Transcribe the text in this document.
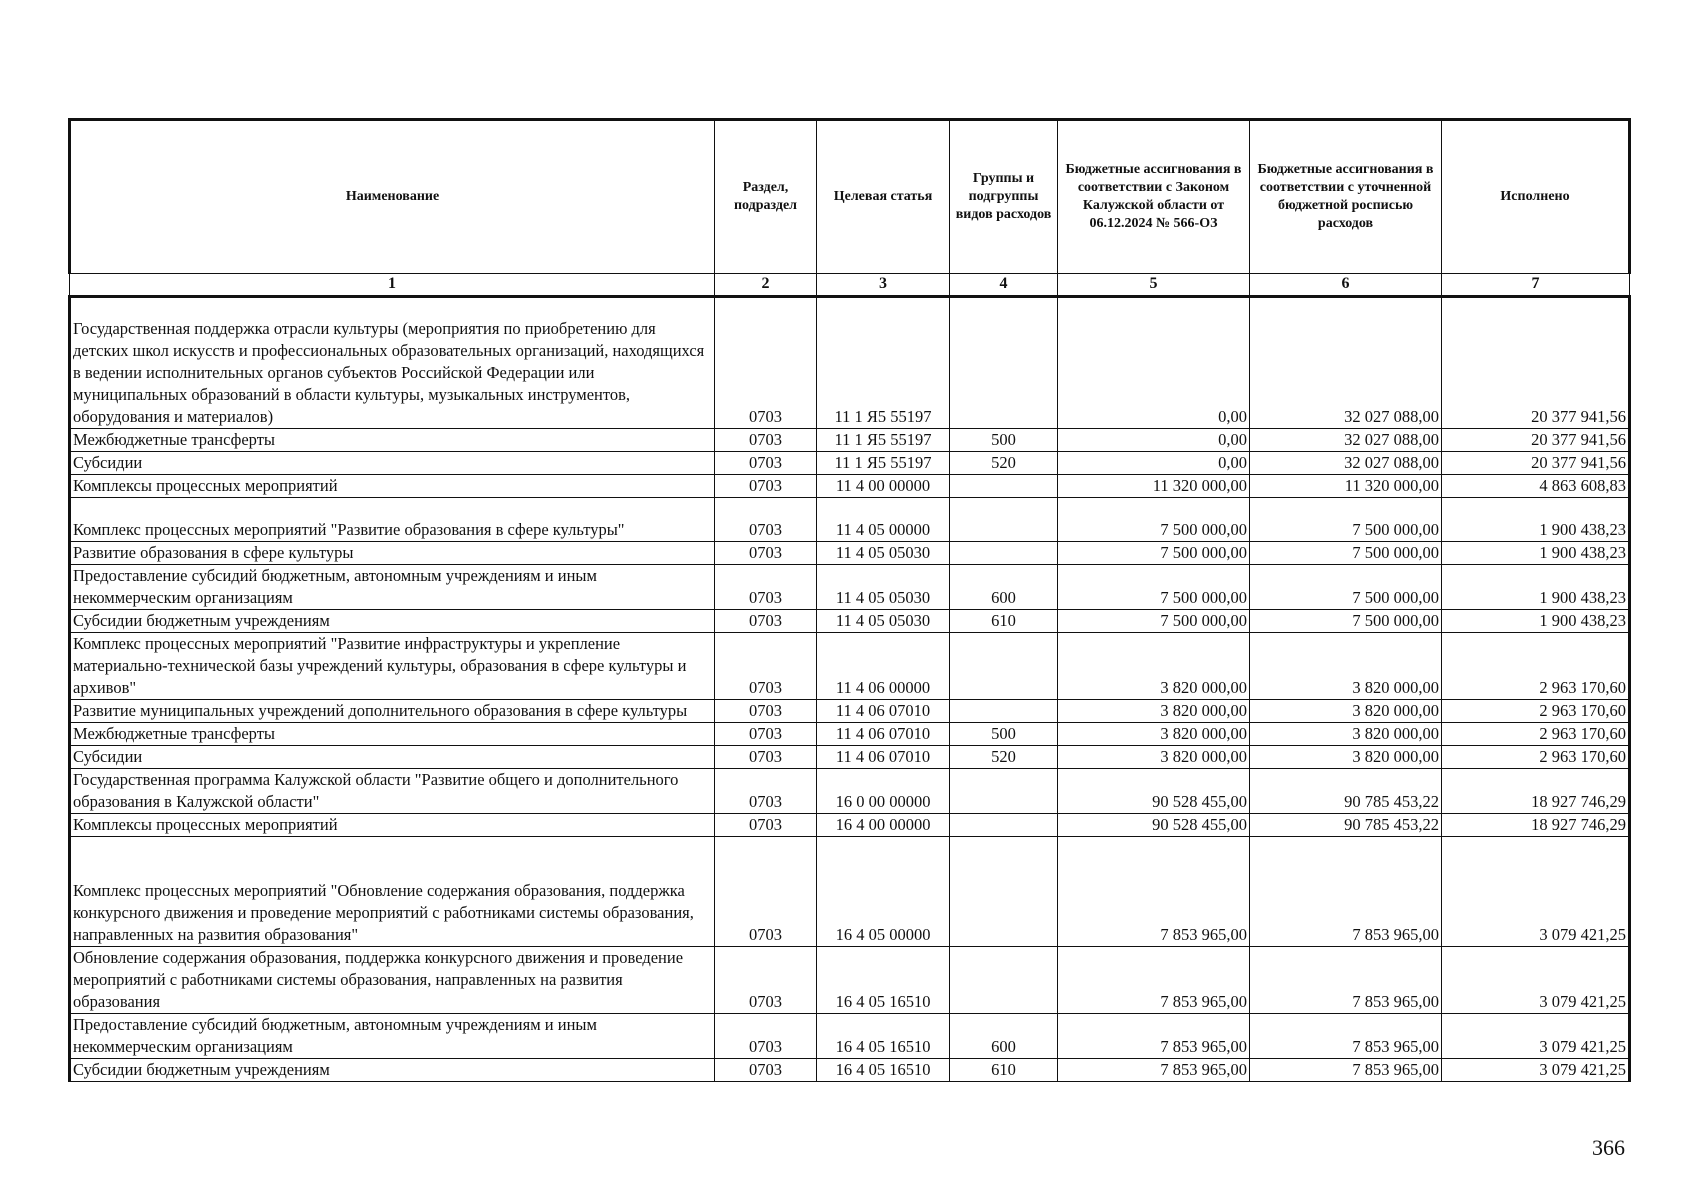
Наименование	Раздел, подраздел	Целевая статья	Группы и подгруппы видов расходов	Бюджетные ассигнования в соответствии с Законом Калужской области от 06.12.2024 № 566-ОЗ	Бюджетные ассигнования в соответствии с уточненной бюджетной росписью расходов	Исполнено
1	2	3	4	5	6	7
Государственная поддержка отрасли культуры (мероприятия по приобретению для детских школ искусств и профессиональных образовательных организаций, находящихся в ведении исполнительных органов субъектов Российской Федерации или муниципальных образований в области культуры, музыкальных инструментов, оборудования и материалов)	0703	11 1 Я5 55197		0,00	32 027 088,00	20 377 941,56
Межбюджетные трансферты	0703	11 1 Я5 55197	500	0,00	32 027 088,00	20 377 941,56
Субсидии	0703	11 1 Я5 55197	520	0,00	32 027 088,00	20 377 941,56
Комплексы процессных мероприятий	0703	11 4 00 00000		11 320 000,00	11 320 000,00	4 863 608,83
Комплекс процессных мероприятий "Развитие образования в сфере культуры"	0703	11 4 05 00000		7 500 000,00	7 500 000,00	1 900 438,23
Развитие образования в сфере культуры	0703	11 4 05 05030		7 500 000,00	7 500 000,00	1 900 438,23
Предоставление субсидий бюджетным, автономным учреждениям и иным некоммерческим организациям	0703	11 4 05 05030	600	7 500 000,00	7 500 000,00	1 900 438,23
Субсидии бюджетным учреждениям	0703	11 4 05 05030	610	7 500 000,00	7 500 000,00	1 900 438,23
Комплекс процессных мероприятий "Развитие инфраструктуры и укрепление материально-технической базы учреждений культуры, образования в сфере культуры и архивов"	0703	11 4 06 00000		3 820 000,00	3 820 000,00	2 963 170,60
Развитие муниципальных учреждений дополнительного образования в сфере культуры	0703	11 4 06 07010		3 820 000,00	3 820 000,00	2 963 170,60
Межбюджетные трансферты	0703	11 4 06 07010	500	3 820 000,00	3 820 000,00	2 963 170,60
Субсидии	0703	11 4 06 07010	520	3 820 000,00	3 820 000,00	2 963 170,60
Государственная программа Калужской области "Развитие общего и дополнительного образования в Калужской области"	0703	16 0 00 00000		90 528 455,00	90 785 453,22	18 927 746,29
Комплексы процессных мероприятий	0703	16 4 00 00000		90 528 455,00	90 785 453,22	18 927 746,29
Комплекс процессных мероприятий "Обновление содержания образования, поддержка конкурсного движения и проведение мероприятий с работниками системы образования, направленных на развития образования"	0703	16 4 05 00000		7 853 965,00	7 853 965,00	3 079 421,25
Обновление содержания образования, поддержка конкурсного движения и проведение мероприятий с работниками системы образования, направленных на развития образования	0703	16 4 05 16510		7 853 965,00	7 853 965,00	3 079 421,25
Предоставление субсидий бюджетным, автономным учреждениям и иным некоммерческим организациям	0703	16 4 05 16510	600	7 853 965,00	7 853 965,00	3 079 421,25
Субсидии бюджетным учреждениям	0703	16 4 05 16510	610	7 853 965,00	7 853 965,00	3 079 421,25
366
